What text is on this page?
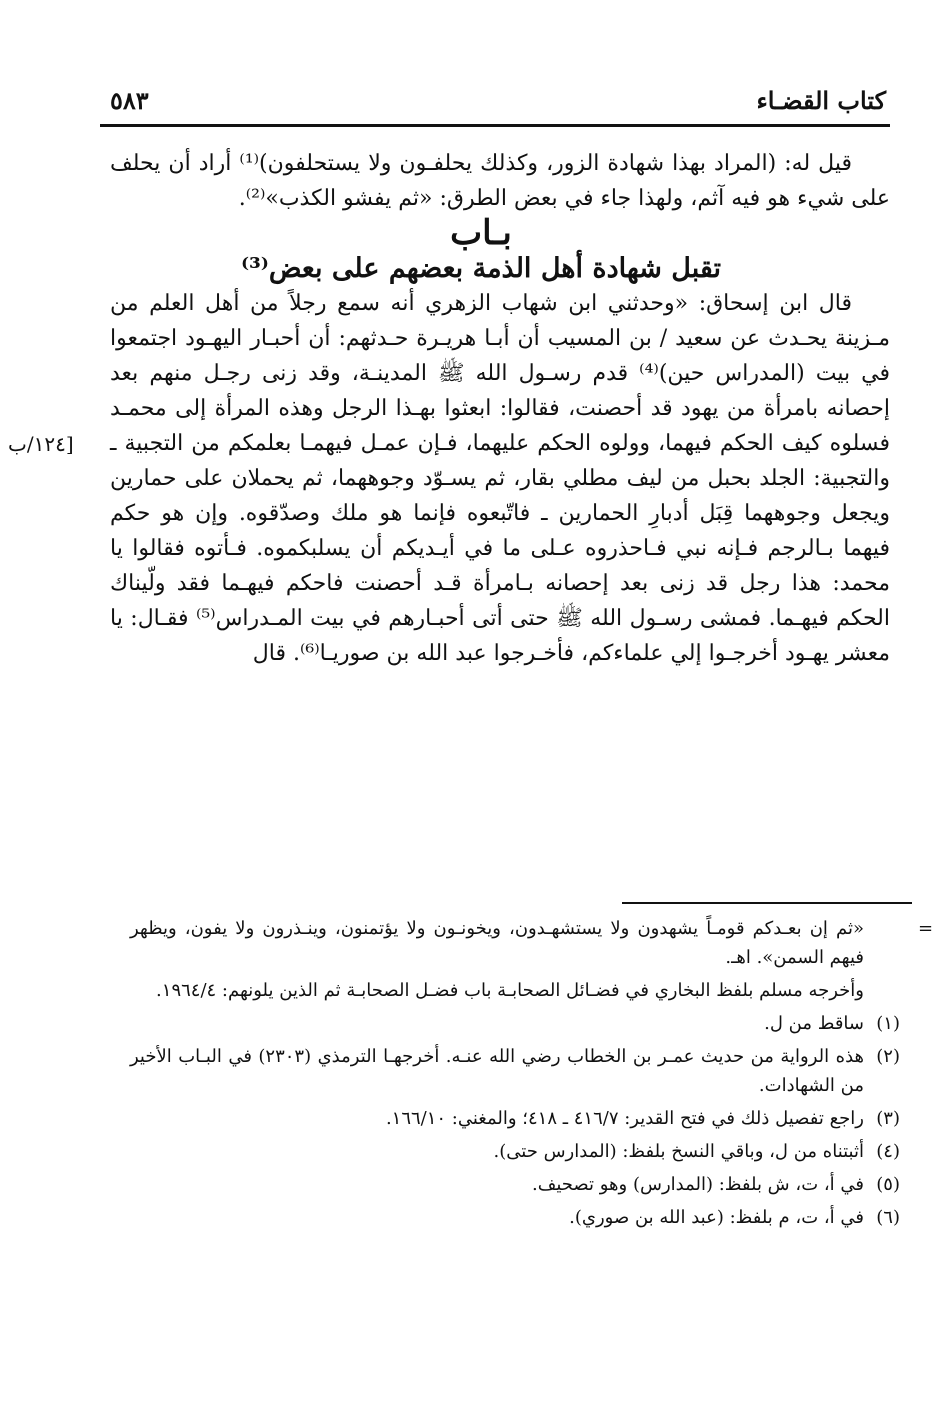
كتاب القضـاء
٥٨٣

قيل له: (المراد بهذا شهادة الزور، وكذلك يحلفـون ولا يستحلفون)⁽¹⁾ أراد أن يحلف على شيء هو فيه آثم، ولهذا جاء في بعض الطرق: «ثم يفشو الكذب»⁽²⁾.

بـاب

تقبل شهادة أهل الذمة بعضهم على بعض⁽³⁾

قال ابن إسحاق: «وحدثني ابن شهاب الزهري أنه سمع رجلاً من أهل العلم من مـزينة يحـدث عن سعيد / بن المسيب أن أبـا هريـرة حـدثهم: أن أحبـار اليهـود اجتمعوا في بيت (المدراس حين)⁽⁴⁾ قدم رسـول الله ﷺ المدينـة، وقد زنى رجـل منهم بعد إحصانه بامرأة من يهود قد أحصنت، فقالوا: ابعثوا بهـذا الرجل وهذه المرأة إلى محمـد فسلوه كيف الحكم فيهما، وولوه الحكم عليهما، فـإن عمـل فيهمـا بعلمكم من التجبية ـ والتجبية: الجلد بحبل من ليف مطلي بقار، ثم يسـوّد وجوههما، ثم يحملان على حمارين ويجعل وجوههما قِبَل أدبارِ الحمارين ـ فاتّبعوه فإنما هو ملك وصدّقوه. وإن هو حكم فيهما بـالرجم فـإنه نبي فـاحذروه عـلى ما في أيـديكم أن يسلبكموه. فـأتوه فقالوا يا محمد: هذا رجل قد زنى بعد إحصانه بـامرأة قـد أحصنت فاحكم فيهـما فقد ولّيناك الحكم فيهـما. فمشى رسـول الله ﷺ حتى أتى أحبـارهم في بيت المـدراس⁽⁵⁾ فقـال: يا معشر يهـود أخرجـوا إلي علماءكم، فأخـرجوا عبد الله بن صوريـا⁽⁶⁾. قال

[١٢٤/ب
=

«ثم إن بعـدكم قومـاً يشهدون ولا يستشهـدون، ويخونـون ولا يؤتمنون، وينـذرون ولا يفون، ويظهر فيهم السمن». اهـ.

وأخرجه مسلم بلفظ البخاري في فضـائل الصحابـة باب فضـل الصحابـة ثم الذين يلونهم: ١٩٦٤/٤.

(١)
ساقط من ل.
(٢)
هذه الرواية من حديث عمـر بن الخطاب رضي الله عنـه. أخرجهـا الترمذي (٢٣٠٣) في البـاب الأخير من الشهادات.
(٣)
راجع تفصيل ذلك في فتح القدير: ٤١٦/٧ ـ ٤١٨؛ والمغني: ١٦٦/١٠.
(٤)
أثبتناه من ل، وباقي النسخ بلفظ: (المدارس حتى).
(٥)
في أ، ت، ش بلفظ: (المدارس) وهو تصحيف.
(٦)
في أ، ت، م بلفظ: (عبد الله بن صوري).
